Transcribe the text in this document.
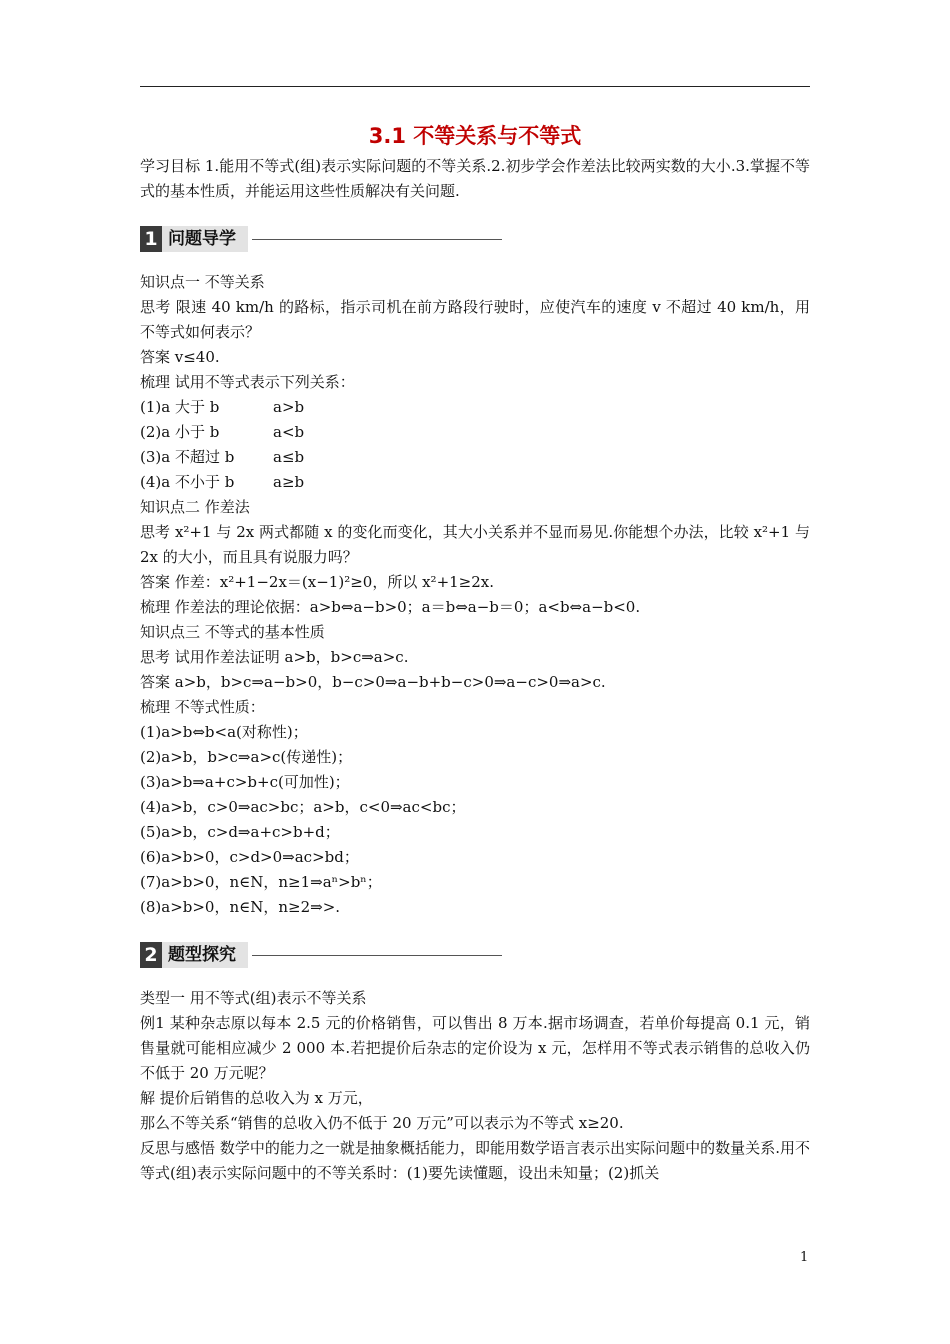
3.1 不等关系与不等式

学习目标 1.能用不等式(组)表示实际问题的不等关系.2.初步学会作差法比较两实数的大小.3.掌握不等式的基本性质，并能运用这些性质解决有关问题.

1 问题导学

知识点一 不等关系

思考 限速 40 km/h 的路标，指示司机在前方路段行驶时，应使汽车的速度 v 不超过 40 km/h，用不等式如何表示？

答案 v≤40.

梳理 试用不等式表示下列关系：

(1)a 大于 b	a>b

(2)a 小于 b	a<b

(3)a 不超过 b	a≤b

(4)a 不小于 b	a≥b

知识点二 作差法

思考 x²+1 与 2x 两式都随 x 的变化而变化，其大小关系并不显而易见.你能想个办法，比较 x²+1 与 2x 的大小，而且具有说服力吗？

答案 作差：x²+1−2x＝(x−1)²≥0，所以 x²+1≥2x.

梳理 作差法的理论依据：a>b⇔a−b>0；a＝b⇔a−b＝0；a<b⇔a−b<0.

知识点三 不等式的基本性质

思考 试用作差法证明 a>b，b>c⇒a>c.

答案 a>b，b>c⇒a−b>0，b−c>0⇒a−b+b−c>0⇒a−c>0⇒a>c.

梳理 不等式性质：

(1)a>b⇔b<a(对称性)；

(2)a>b，b>c⇒a>c(传递性)；

(3)a>b⇒a+c>b+c(可加性)；

(4)a>b，c>0⇒ac>bc；a>b，c<0⇒ac<bc；

(5)a>b，c>d⇒a+c>b+d；

(6)a>b>0，c>d>0⇒ac>bd；

(7)a>b>0，n∈N，n≥1⇒aⁿ>bⁿ；

(8)a>b>0，n∈N，n≥2⇒>.

2 题型探究

类型一 用不等式(组)表示不等关系

例1 某种杂志原以每本 2.5 元的价格销售，可以售出 8 万本.据市场调查，若单价每提高 0.1 元，销售量就可能相应减少 2 000 本.若把提价后杂志的定价设为 x 元，怎样用不等式表示销售的总收入仍不低于 20 万元呢？

解 提价后销售的总收入为 x 万元，

那么不等关系“销售的总收入仍不低于 20 万元”可以表示为不等式 x≥20.

反思与感悟 数学中的能力之一就是抽象概括能力，即能用数学语言表示出实际问题中的数量关系.用不等式(组)表示实际问题中的不等关系时：(1)要先读懂题，设出未知量；(2)抓关

1
